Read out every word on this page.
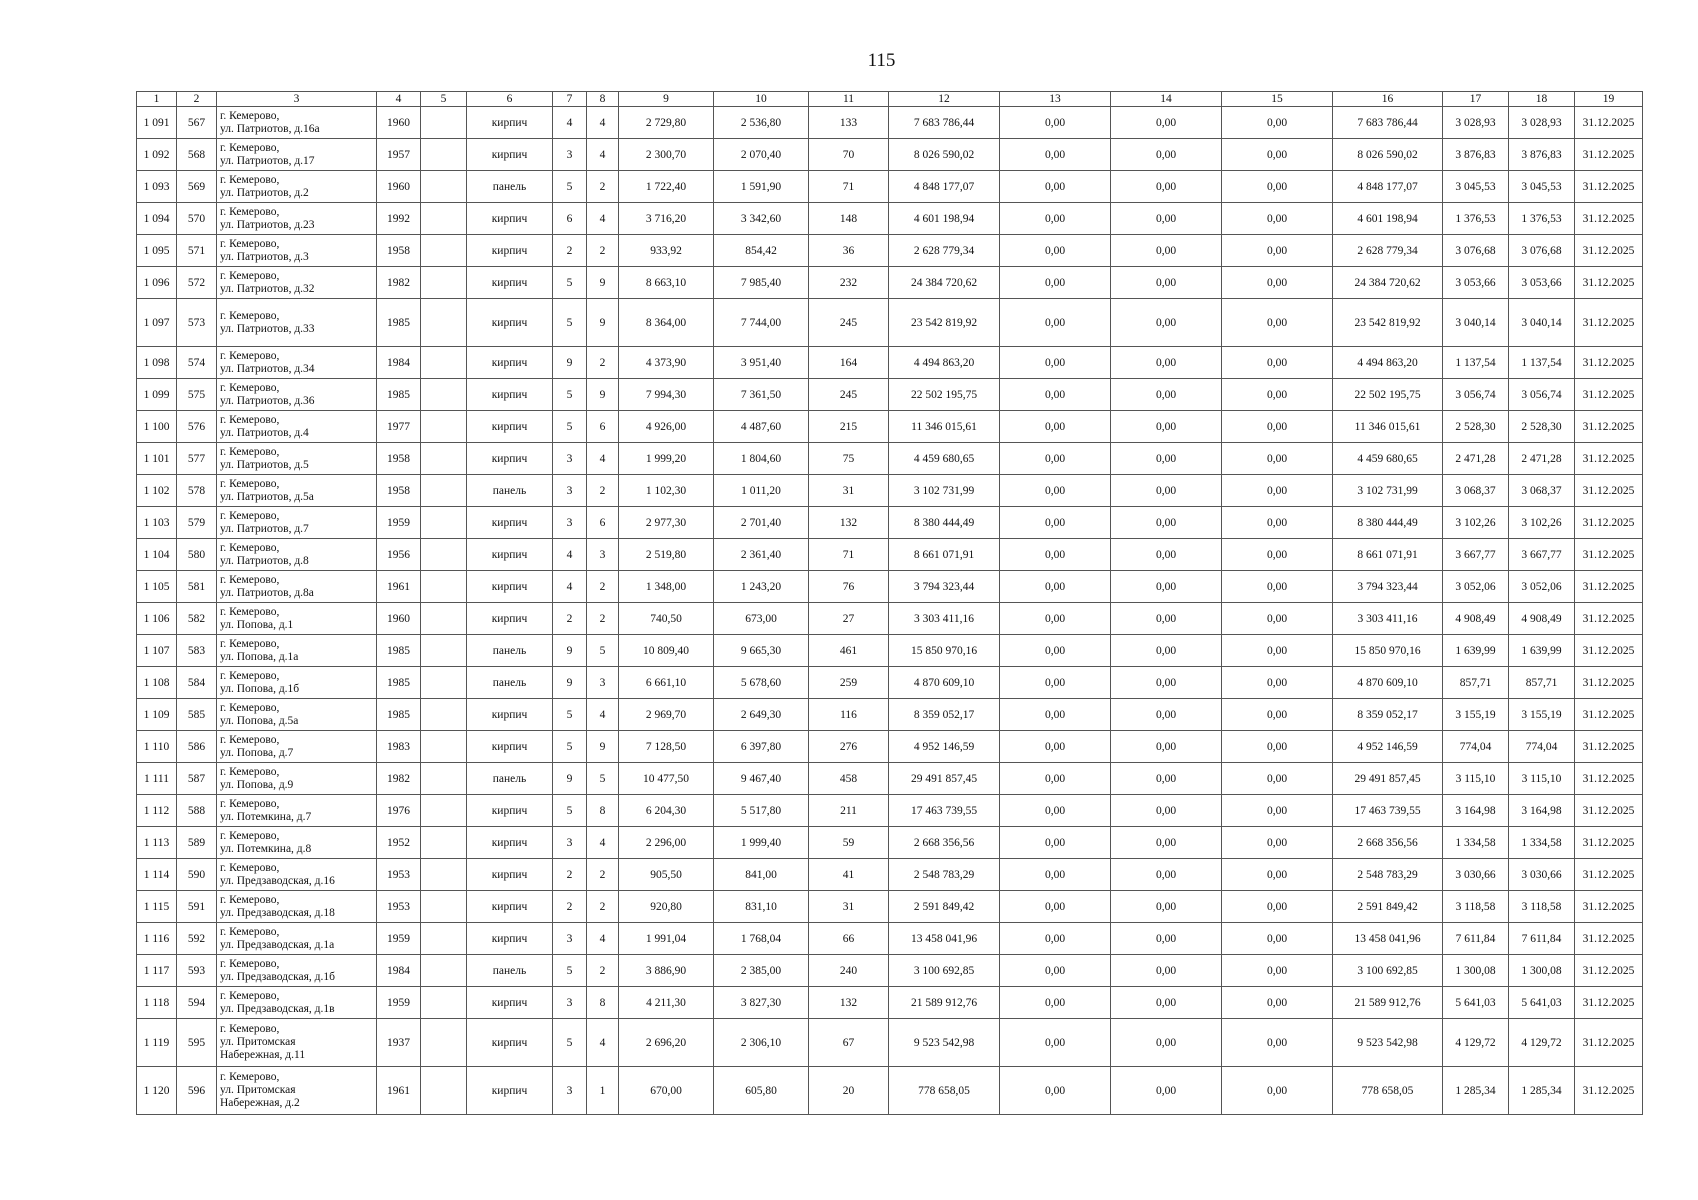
115
1	2	3	4	5	6	7	8	9	10	11	12	13	14	15	16	17	18	19
1 091	567	г. Кемерово,
ул. Патриотов, д.16а	1960		кирпич	4	4	2 729,80	2 536,80	133	7 683 786,44	0,00	0,00	0,00	7 683 786,44	3 028,93	3 028,93	31.12.2025
1 092	568	г. Кемерово,
ул. Патриотов, д.17	1957		кирпич	3	4	2 300,70	2 070,40	70	8 026 590,02	0,00	0,00	0,00	8 026 590,02	3 876,83	3 876,83	31.12.2025
1 093	569	г. Кемерово,
ул. Патриотов, д.2	1960		панель	5	2	1 722,40	1 591,90	71	4 848 177,07	0,00	0,00	0,00	4 848 177,07	3 045,53	3 045,53	31.12.2025
1 094	570	г. Кемерово,
ул. Патриотов, д.23	1992		кирпич	6	4	3 716,20	3 342,60	148	4 601 198,94	0,00	0,00	0,00	4 601 198,94	1 376,53	1 376,53	31.12.2025
1 095	571	г. Кемерово,
ул. Патриотов, д.3	1958		кирпич	2	2	933,92	854,42	36	2 628 779,34	0,00	0,00	0,00	2 628 779,34	3 076,68	3 076,68	31.12.2025
1 096	572	г. Кемерово,
ул. Патриотов, д.32	1982		кирпич	5	9	8 663,10	7 985,40	232	24 384 720,62	0,00	0,00	0,00	24 384 720,62	3 053,66	3 053,66	31.12.2025
1 097	573	г. Кемерово,
ул. Патриотов, д.33	1985		кирпич	5	9	8 364,00	7 744,00	245	23 542 819,92	0,00	0,00	0,00	23 542 819,92	3 040,14	3 040,14	31.12.2025
1 098	574	г. Кемерово,
ул. Патриотов, д.34	1984		кирпич	9	2	4 373,90	3 951,40	164	4 494 863,20	0,00	0,00	0,00	4 494 863,20	1 137,54	1 137,54	31.12.2025
1 099	575	г. Кемерово,
ул. Патриотов, д.36	1985		кирпич	5	9	7 994,30	7 361,50	245	22 502 195,75	0,00	0,00	0,00	22 502 195,75	3 056,74	3 056,74	31.12.2025
1 100	576	г. Кемерово,
ул. Патриотов, д.4	1977		кирпич	5	6	4 926,00	4 487,60	215	11 346 015,61	0,00	0,00	0,00	11 346 015,61	2 528,30	2 528,30	31.12.2025
1 101	577	г. Кемерово,
ул. Патриотов, д.5	1958		кирпич	3	4	1 999,20	1 804,60	75	4 459 680,65	0,00	0,00	0,00	4 459 680,65	2 471,28	2 471,28	31.12.2025
1 102	578	г. Кемерово,
ул. Патриотов, д.5а	1958		панель	3	2	1 102,30	1 011,20	31	3 102 731,99	0,00	0,00	0,00	3 102 731,99	3 068,37	3 068,37	31.12.2025
1 103	579	г. Кемерово,
ул. Патриотов, д.7	1959		кирпич	3	6	2 977,30	2 701,40	132	8 380 444,49	0,00	0,00	0,00	8 380 444,49	3 102,26	3 102,26	31.12.2025
1 104	580	г. Кемерово,
ул. Патриотов, д.8	1956		кирпич	4	3	2 519,80	2 361,40	71	8 661 071,91	0,00	0,00	0,00	8 661 071,91	3 667,77	3 667,77	31.12.2025
1 105	581	г. Кемерово,
ул. Патриотов, д.8а	1961		кирпич	4	2	1 348,00	1 243,20	76	3 794 323,44	0,00	0,00	0,00	3 794 323,44	3 052,06	3 052,06	31.12.2025
1 106	582	г. Кемерово,
ул. Попова, д.1	1960		кирпич	2	2	740,50	673,00	27	3 303 411,16	0,00	0,00	0,00	3 303 411,16	4 908,49	4 908,49	31.12.2025
1 107	583	г. Кемерово,
ул. Попова, д.1а	1985		панель	9	5	10 809,40	9 665,30	461	15 850 970,16	0,00	0,00	0,00	15 850 970,16	1 639,99	1 639,99	31.12.2025
1 108	584	г. Кемерово,
ул. Попова, д.1б	1985		панель	9	3	6 661,10	5 678,60	259	4 870 609,10	0,00	0,00	0,00	4 870 609,10	857,71	857,71	31.12.2025
1 109	585	г. Кемерово,
ул. Попова, д.5а	1985		кирпич	5	4	2 969,70	2 649,30	116	8 359 052,17	0,00	0,00	0,00	8 359 052,17	3 155,19	3 155,19	31.12.2025
1 110	586	г. Кемерово,
ул. Попова, д.7	1983		кирпич	5	9	7 128,50	6 397,80	276	4 952 146,59	0,00	0,00	0,00	4 952 146,59	774,04	774,04	31.12.2025
1 111	587	г. Кемерово,
ул. Попова, д.9	1982		панель	9	5	10 477,50	9 467,40	458	29 491 857,45	0,00	0,00	0,00	29 491 857,45	3 115,10	3 115,10	31.12.2025
1 112	588	г. Кемерово,
ул. Потемкина, д.7	1976		кирпич	5	8	6 204,30	5 517,80	211	17 463 739,55	0,00	0,00	0,00	17 463 739,55	3 164,98	3 164,98	31.12.2025
1 113	589	г. Кемерово,
ул. Потемкина, д.8	1952		кирпич	3	4	2 296,00	1 999,40	59	2 668 356,56	0,00	0,00	0,00	2 668 356,56	1 334,58	1 334,58	31.12.2025
1 114	590	г. Кемерово,
ул. Предзаводская, д.16	1953		кирпич	2	2	905,50	841,00	41	2 548 783,29	0,00	0,00	0,00	2 548 783,29	3 030,66	3 030,66	31.12.2025
1 115	591	г. Кемерово,
ул. Предзаводская, д.18	1953		кирпич	2	2	920,80	831,10	31	2 591 849,42	0,00	0,00	0,00	2 591 849,42	3 118,58	3 118,58	31.12.2025
1 116	592	г. Кемерово,
ул. Предзаводская, д.1а	1959		кирпич	3	4	1 991,04	1 768,04	66	13 458 041,96	0,00	0,00	0,00	13 458 041,96	7 611,84	7 611,84	31.12.2025
1 117	593	г. Кемерово,
ул. Предзаводская, д.1б	1984		панель	5	2	3 886,90	2 385,00	240	3 100 692,85	0,00	0,00	0,00	3 100 692,85	1 300,08	1 300,08	31.12.2025
1 118	594	г. Кемерово,
ул. Предзаводская, д.1в	1959		кирпич	3	8	4 211,30	3 827,30	132	21 589 912,76	0,00	0,00	0,00	21 589 912,76	5 641,03	5 641,03	31.12.2025
1 119	595	г. Кемерово,
ул. Притомская
Набережная, д.11	1937		кирпич	5	4	2 696,20	2 306,10	67	9 523 542,98	0,00	0,00	0,00	9 523 542,98	4 129,72	4 129,72	31.12.2025
1 120	596	г. Кемерово,
ул. Притомская
Набережная, д.2	1961		кирпич	3	1	670,00	605,80	20	778 658,05	0,00	0,00	0,00	778 658,05	1 285,34	1 285,34	31.12.2025
